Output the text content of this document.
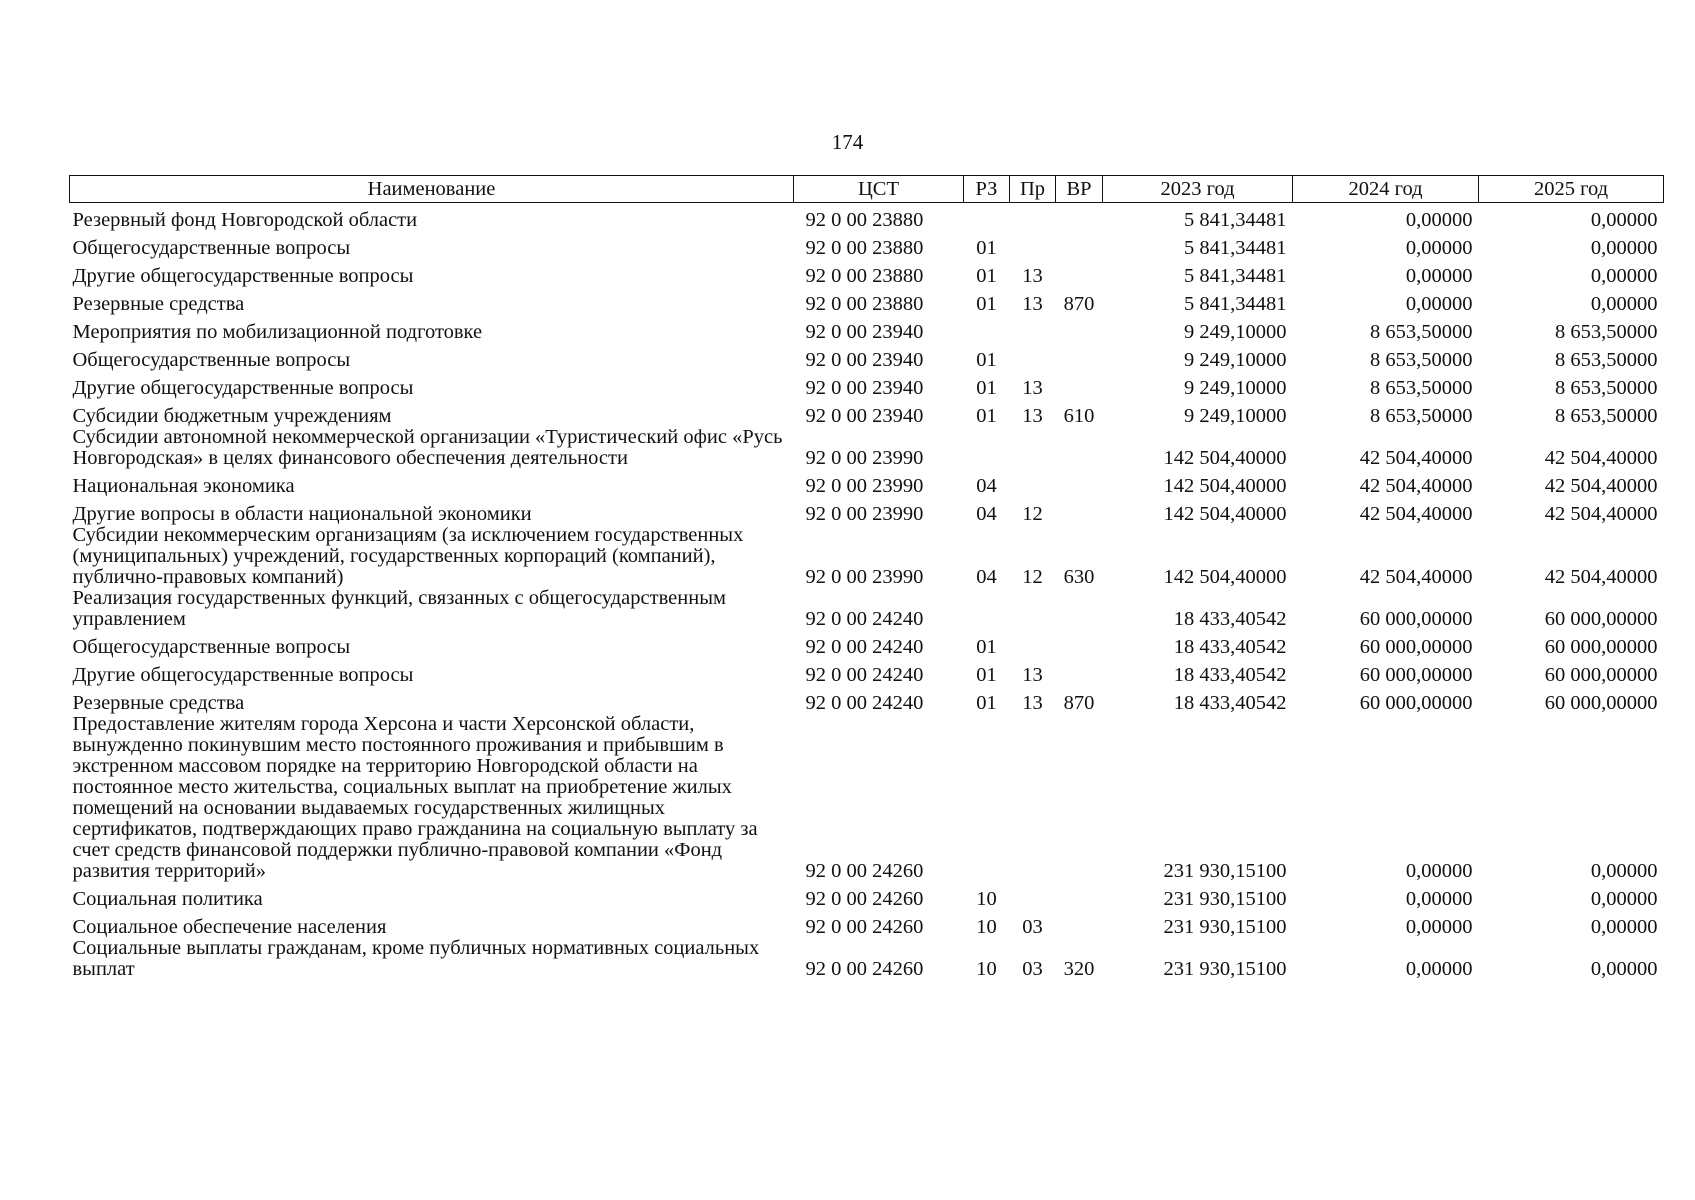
174
Наименование	ЦСТ	РЗ	Пр	ВР	2023 год	2024 год	2025 год
Резервный фонд Новгородской области	92 0 00 23880				5 841,34481	0,00000	0,00000
Общегосударственные вопросы	92 0 00 23880	01			5 841,34481	0,00000	0,00000
Другие общегосударственные вопросы	92 0 00 23880	01	13		5 841,34481	0,00000	0,00000
Резервные средства	92 0 00 23880	01	13	870	5 841,34481	0,00000	0,00000
Мероприятия по мобилизационной подготовке	92 0 00 23940				9 249,10000	8 653,50000	8 653,50000
Общегосударственные вопросы	92 0 00 23940	01			9 249,10000	8 653,50000	8 653,50000
Другие общегосударственные вопросы	92 0 00 23940	01	13		9 249,10000	8 653,50000	8 653,50000
Субсидии бюджетным учреждениям	92 0 00 23940	01	13	610	9 249,10000	8 653,50000	8 653,50000
Субсидии автономной некоммерческой организации «Туристический офис «Русь Новгородская» в целях финансового обеспечения деятельности	92 0 00 23990				142 504,40000	42 504,40000	42 504,40000
Национальная экономика	92 0 00 23990	04			142 504,40000	42 504,40000	42 504,40000
Другие вопросы в области национальной экономики	92 0 00 23990	04	12		142 504,40000	42 504,40000	42 504,40000
Субсидии некоммерческим организациям (за исключением государственных (муниципальных) учреждений, государственных корпораций (компаний), публично-правовых компаний)	92 0 00 23990	04	12	630	142 504,40000	42 504,40000	42 504,40000
Реализация государственных функций, связанных с общегосударственным управлением	92 0 00 24240				18 433,40542	60 000,00000	60 000,00000
Общегосударственные вопросы	92 0 00 24240	01			18 433,40542	60 000,00000	60 000,00000
Другие общегосударственные вопросы	92 0 00 24240	01	13		18 433,40542	60 000,00000	60 000,00000
Резервные средства	92 0 00 24240	01	13	870	18 433,40542	60 000,00000	60 000,00000
Предоставление жителям города Херсона и части Херсонской области, вынужденно покинувшим место постоянного проживания и прибывшим в экстренном массовом порядке на территорию Новгородской области на постоянное место жительства, социальных выплат на приобретение жилых помещений на основании выдаваемых государственных жилищных сертификатов, подтверждающих право гражданина на социальную выплату за счет средств финансовой поддержки публично-правовой компании «Фонд развития территорий»	92 0 00 24260				231 930,15100	0,00000	0,00000
Социальная политика	92 0 00 24260	10			231 930,15100	0,00000	0,00000
Социальное обеспечение населения	92 0 00 24260	10	03		231 930,15100	0,00000	0,00000
Социальные выплаты гражданам, кроме публичных нормативных социальных выплат	92 0 00 24260	10	03	320	231 930,15100	0,00000	0,00000
